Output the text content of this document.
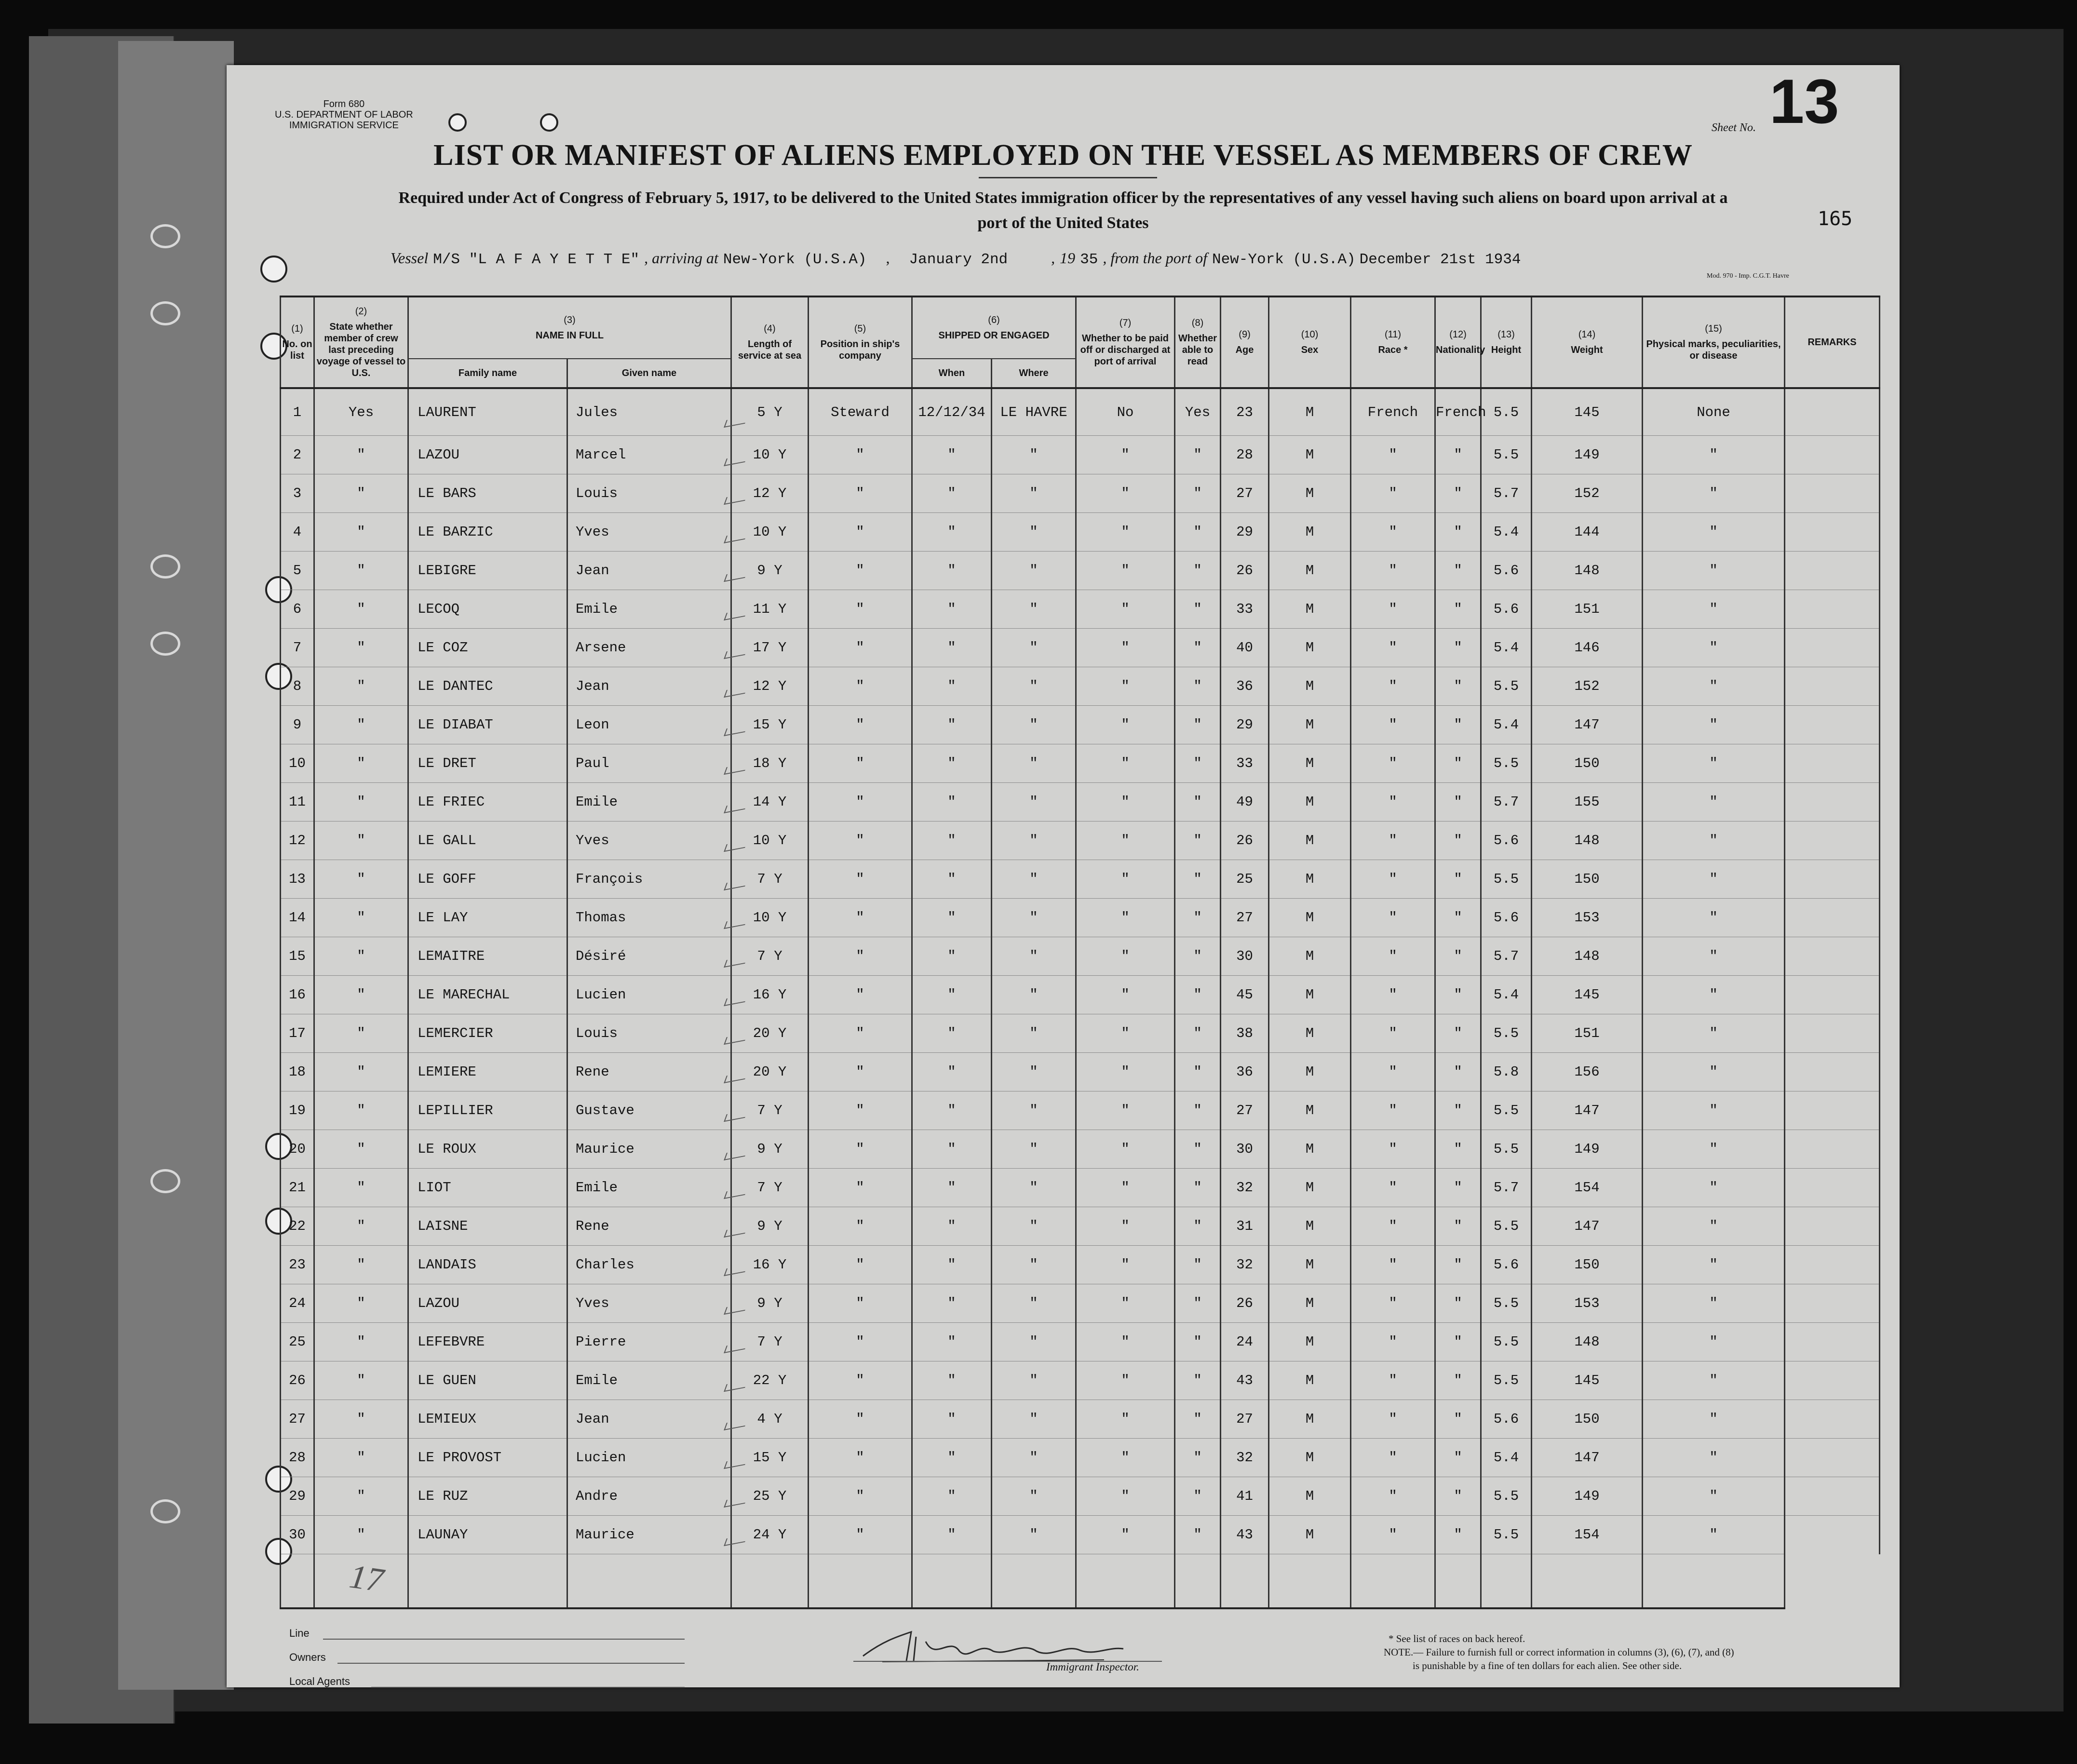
Form 680
U.S. DEPARTMENT OF LABOR
IMMIGRATION SERVICE	Sheet No. 13
LIST OR MANIFEST OF ALIENS EMPLOYED ON THE VESSEL AS MEMBERS OF CREW
Required under Act of Congress of February 5, 1917, to be delivered to the United States immigration officer by the representatives of any vessel having such aliens on board upon arrival at a
port of the United States	165
Vessel M/S "L A F A Y E T T E" , arriving at New-York (U.S.A) , January 2nd	, 19 35 , from the port of New-York (U.S.A) December 21st 1934
Mod. 970 - Imp. C.G.T. Havre
(1)
No. on list	(2)
State whether member of crew last preceding voyage of vessel to U.S.	(3)
NAME IN FULL		(4)
Length of service at sea	(5)
Position in ship's company	(6)
SHIPPED OR ENGAGED		(7)
Whether to be paid off or discharged at port of arrival	(8)
Whether able to read	(9)
Age	(10)
Sex	(11)
Race *	(12)
Nationality	(13)
Height	(14)
Weight	(15)
Physical marks, peculiarities, or disease	REMARKS
		Family name	Given name			When	Where										
1	Yes	LAURENT	Jules	5 Y	Steward	12/12/34	LE HAVRE	No	Yes	23	M	French	French	5.5	145	None	
2	"	LAZOU	Marcel	10 Y	"	"	"	"	"	28	M	"	"	5.5	149	"	
3	"	LE BARS	Louis	12 Y	"	"	"	"	"	27	M	"	"	5.7	152	"	
4	"	LE BARZIC	Yves	10 Y	"	"	"	"	"	29	M	"	"	5.4	144	"	
5	"	LEBIGRE	Jean	9 Y	"	"	"	"	"	26	M	"	"	5.6	148	"	
6	"	LECOQ	Emile	11 Y	"	"	"	"	"	33	M	"	"	5.6	151	"	
7	"	LE COZ	Arsene	17 Y	"	"	"	"	"	40	M	"	"	5.4	146	"	
8	"	LE DANTEC	Jean	12 Y	"	"	"	"	"	36	M	"	"	5.5	152	"	
9	"	LE DIABAT	Leon	15 Y	"	"	"	"	"	29	M	"	"	5.4	147	"	
10	"	LE DRET	Paul	18 Y	"	"	"	"	"	33	M	"	"	5.5	150	"	
11	"	LE FRIEC	Emile	14 Y	"	"	"	"	"	49	M	"	"	5.7	155	"	
12	"	LE GALL	Yves	10 Y	"	"	"	"	"	26	M	"	"	5.6	148	"	
13	"	LE GOFF	François	7 Y	"	"	"	"	"	25	M	"	"	5.5	150	"	
14	"	LE LAY	Thomas	10 Y	"	"	"	"	"	27	M	"	"	5.6	153	"	
15	"	LEMAITRE	Désiré	7 Y	"	"	"	"	"	30	M	"	"	5.7	148	"	
16	"	LE MARECHAL	Lucien	16 Y	"	"	"	"	"	45	M	"	"	5.4	145	"	
17	"	LEMERCIER	Louis	20 Y	"	"	"	"	"	38	M	"	"	5.5	151	"	
18	"	LEMIERE	Rene	20 Y	"	"	"	"	"	36	M	"	"	5.8	156	"	
19	"	LEPILLIER	Gustave	7 Y	"	"	"	"	"	27	M	"	"	5.5	147	"	
20	"	LE ROUX	Maurice	9 Y	"	"	"	"	"	30	M	"	"	5.5	149	"	
21	"	LIOT	Emile	7 Y	"	"	"	"	"	32	M	"	"	5.7	154	"	
22	"	LAISNE	Rene	9 Y	"	"	"	"	"	31	M	"	"	5.5	147	"	
23	"	LANDAIS	Charles	16 Y	"	"	"	"	"	32	M	"	"	5.6	150	"	
24	"	LAZOU	Yves	9 Y	"	"	"	"	"	26	M	"	"	5.5	153	"	
25	"	LEFEBVRE	Pierre	7 Y	"	"	"	"	"	24	M	"	"	5.5	148	"	
26	"	LE GUEN	Emile	22 Y	"	"	"	"	"	43	M	"	"	5.5	145	"	
27	"	LEMIEUX	Jean	4 Y	"	"	"	"	"	27	M	"	"	5.6	150	"	
28	"	LE PROVOST	Lucien	15 Y	"	"	"	"	"	32	M	"	"	5.4	147	"	
29	"	LE RUZ	Andre	25 Y	"	"	"	"	"	41	M	"	"	5.5	149	"	
30	"	LAUNAY	Maurice	24 Y	"	"	"	"	"	43	M	"	"	5.5	154	"	

17
Line
Owners
Local Agents
Immigrant Inspector.
* See list of races on back hereof.
NOTE.— Failure to furnish full or correct information in columns (3), (6), (7), and (8)
is punishable by a fine of ten dollars for each alien. See other side.
